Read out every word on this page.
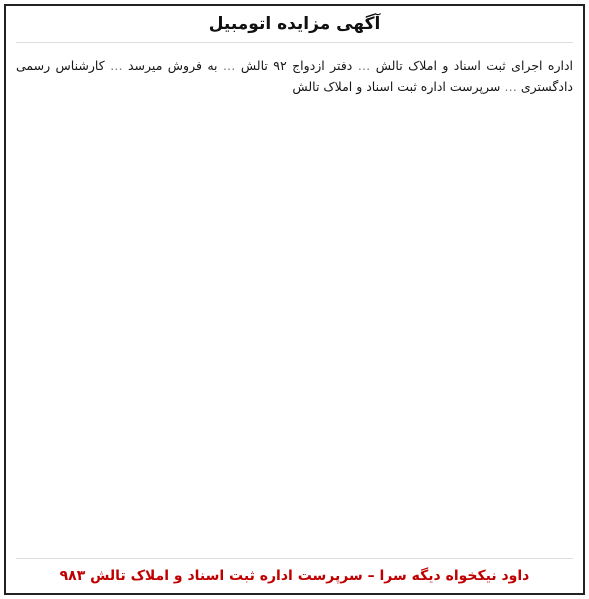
آگهی مزایده اتومبیل

اداره اجرای ثبت اسناد و املاک تالش … دفتر ازدواج ۹۲ تالش … به فروش میرسد … کارشناس رسمی دادگستری … سرپرست اداره ثبت اسناد و املاک تالش
داود نیکخواه دیگه سرا – سرپرست اداره ثبت اسناد و املاک تالش ۹۸۳
